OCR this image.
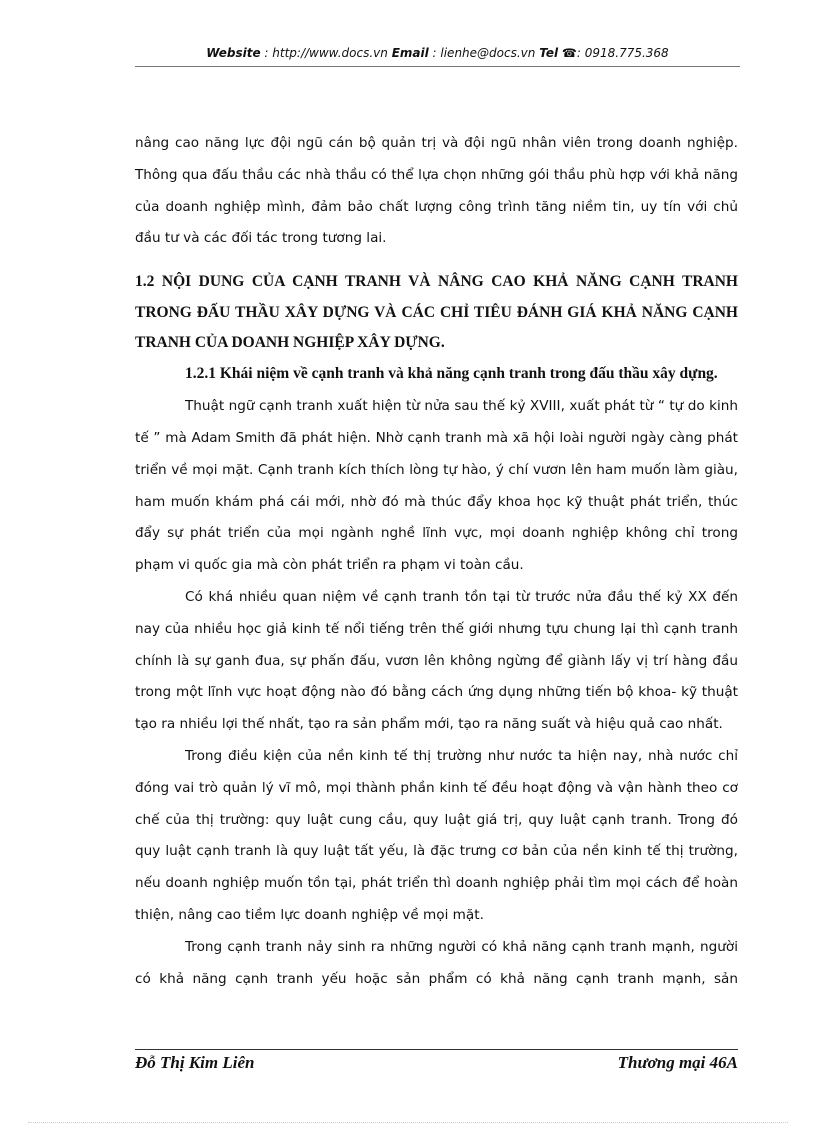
Website : http://www.docs.vn Email : lienhe@docs.vn Tel ☎: 0918.775.368

nâng cao năng lực đội ngũ cán bộ quản trị và đội ngũ nhân viên trong doanh nghiệp.

Thông qua đấu thầu các nhà thầu có thể lựa chọn những gói thầu phù hợp với khả năng của doanh nghiệp mình, đảm bảo chất lượng công trình tăng niềm tin, uy tín với chủ đầu tư và các đối tác trong tương lai.

1.2 NỘI DUNG CỦA CẠNH TRANH VÀ NÂNG CAO KHẢ NĂNG CẠNH TRANH TRONG ĐẤU THẦU XÂY DỰNG VÀ CÁC CHỈ TIÊU ĐÁNH GIÁ KHẢ NĂNG CẠNH TRANH CỦA DOANH NGHIỆP XÂY DỰNG.

1.2.1 Khái niệm về cạnh tranh và khả năng cạnh tranh trong đấu thầu xây dựng.

Thuật ngữ cạnh tranh xuất hiện từ nửa sau thế kỷ XVIII, xuất phát từ “ tự do kinh tế ” mà Adam Smith đã phát hiện. Nhờ cạnh tranh mà xã hội loài người ngày càng phát triển về mọi mặt. Cạnh tranh kích thích lòng tự hào, ý chí vươn lên ham muốn làm giàu, ham muốn khám phá cái mới, nhờ đó mà thúc đẩy khoa học kỹ thuật phát triển, thúc đẩy sự phát triển của mọi ngành nghề lĩnh vực, mọi doanh nghiệp không chỉ trong phạm vi quốc gia mà còn phát triển ra phạm vi toàn cầu.

Có khá nhiều quan niệm về cạnh tranh tồn tại từ trước nửa đầu thế kỷ XX đến nay của nhiều học giả kinh tế nổi tiếng trên thế giới nhưng tựu chung lại thì cạnh tranh chính là sự ganh đua, sự phấn đấu, vươn lên không ngừng để giành lấy vị trí hàng đầu trong một lĩnh vực hoạt động nào đó bằng cách ứng dụng những tiến bộ khoa- kỹ thuật tạo ra nhiều lợi thế nhất, tạo ra sản phẩm mới, tạo ra năng suất và hiệu quả cao nhất.

Trong điều kiện của nền kinh tế thị trường như nước ta hiện nay, nhà nước chỉ đóng vai trò quản lý vĩ mô, mọi thành phần kinh tế đều hoạt động và vận hành theo cơ chế của thị trường: quy luật cung cầu, quy luật giá trị, quy luật cạnh tranh. Trong đó quy luật cạnh tranh là quy luật tất yếu, là đặc trưng cơ bản của nền kinh tế thị trường, nếu doanh nghiệp muốn tồn tại, phát triển thì doanh nghiệp phải tìm mọi cách để hoàn thiện, nâng cao tiềm lực doanh nghiệp về mọi mặt.

Trong cạnh tranh nảy sinh ra những người có khả năng cạnh tranh mạnh, người có khả năng cạnh tranh yếu hoặc sản phẩm có khả năng cạnh tranh mạnh, sản

Đỗ Thị Kim Liên	Thương mại 46A
